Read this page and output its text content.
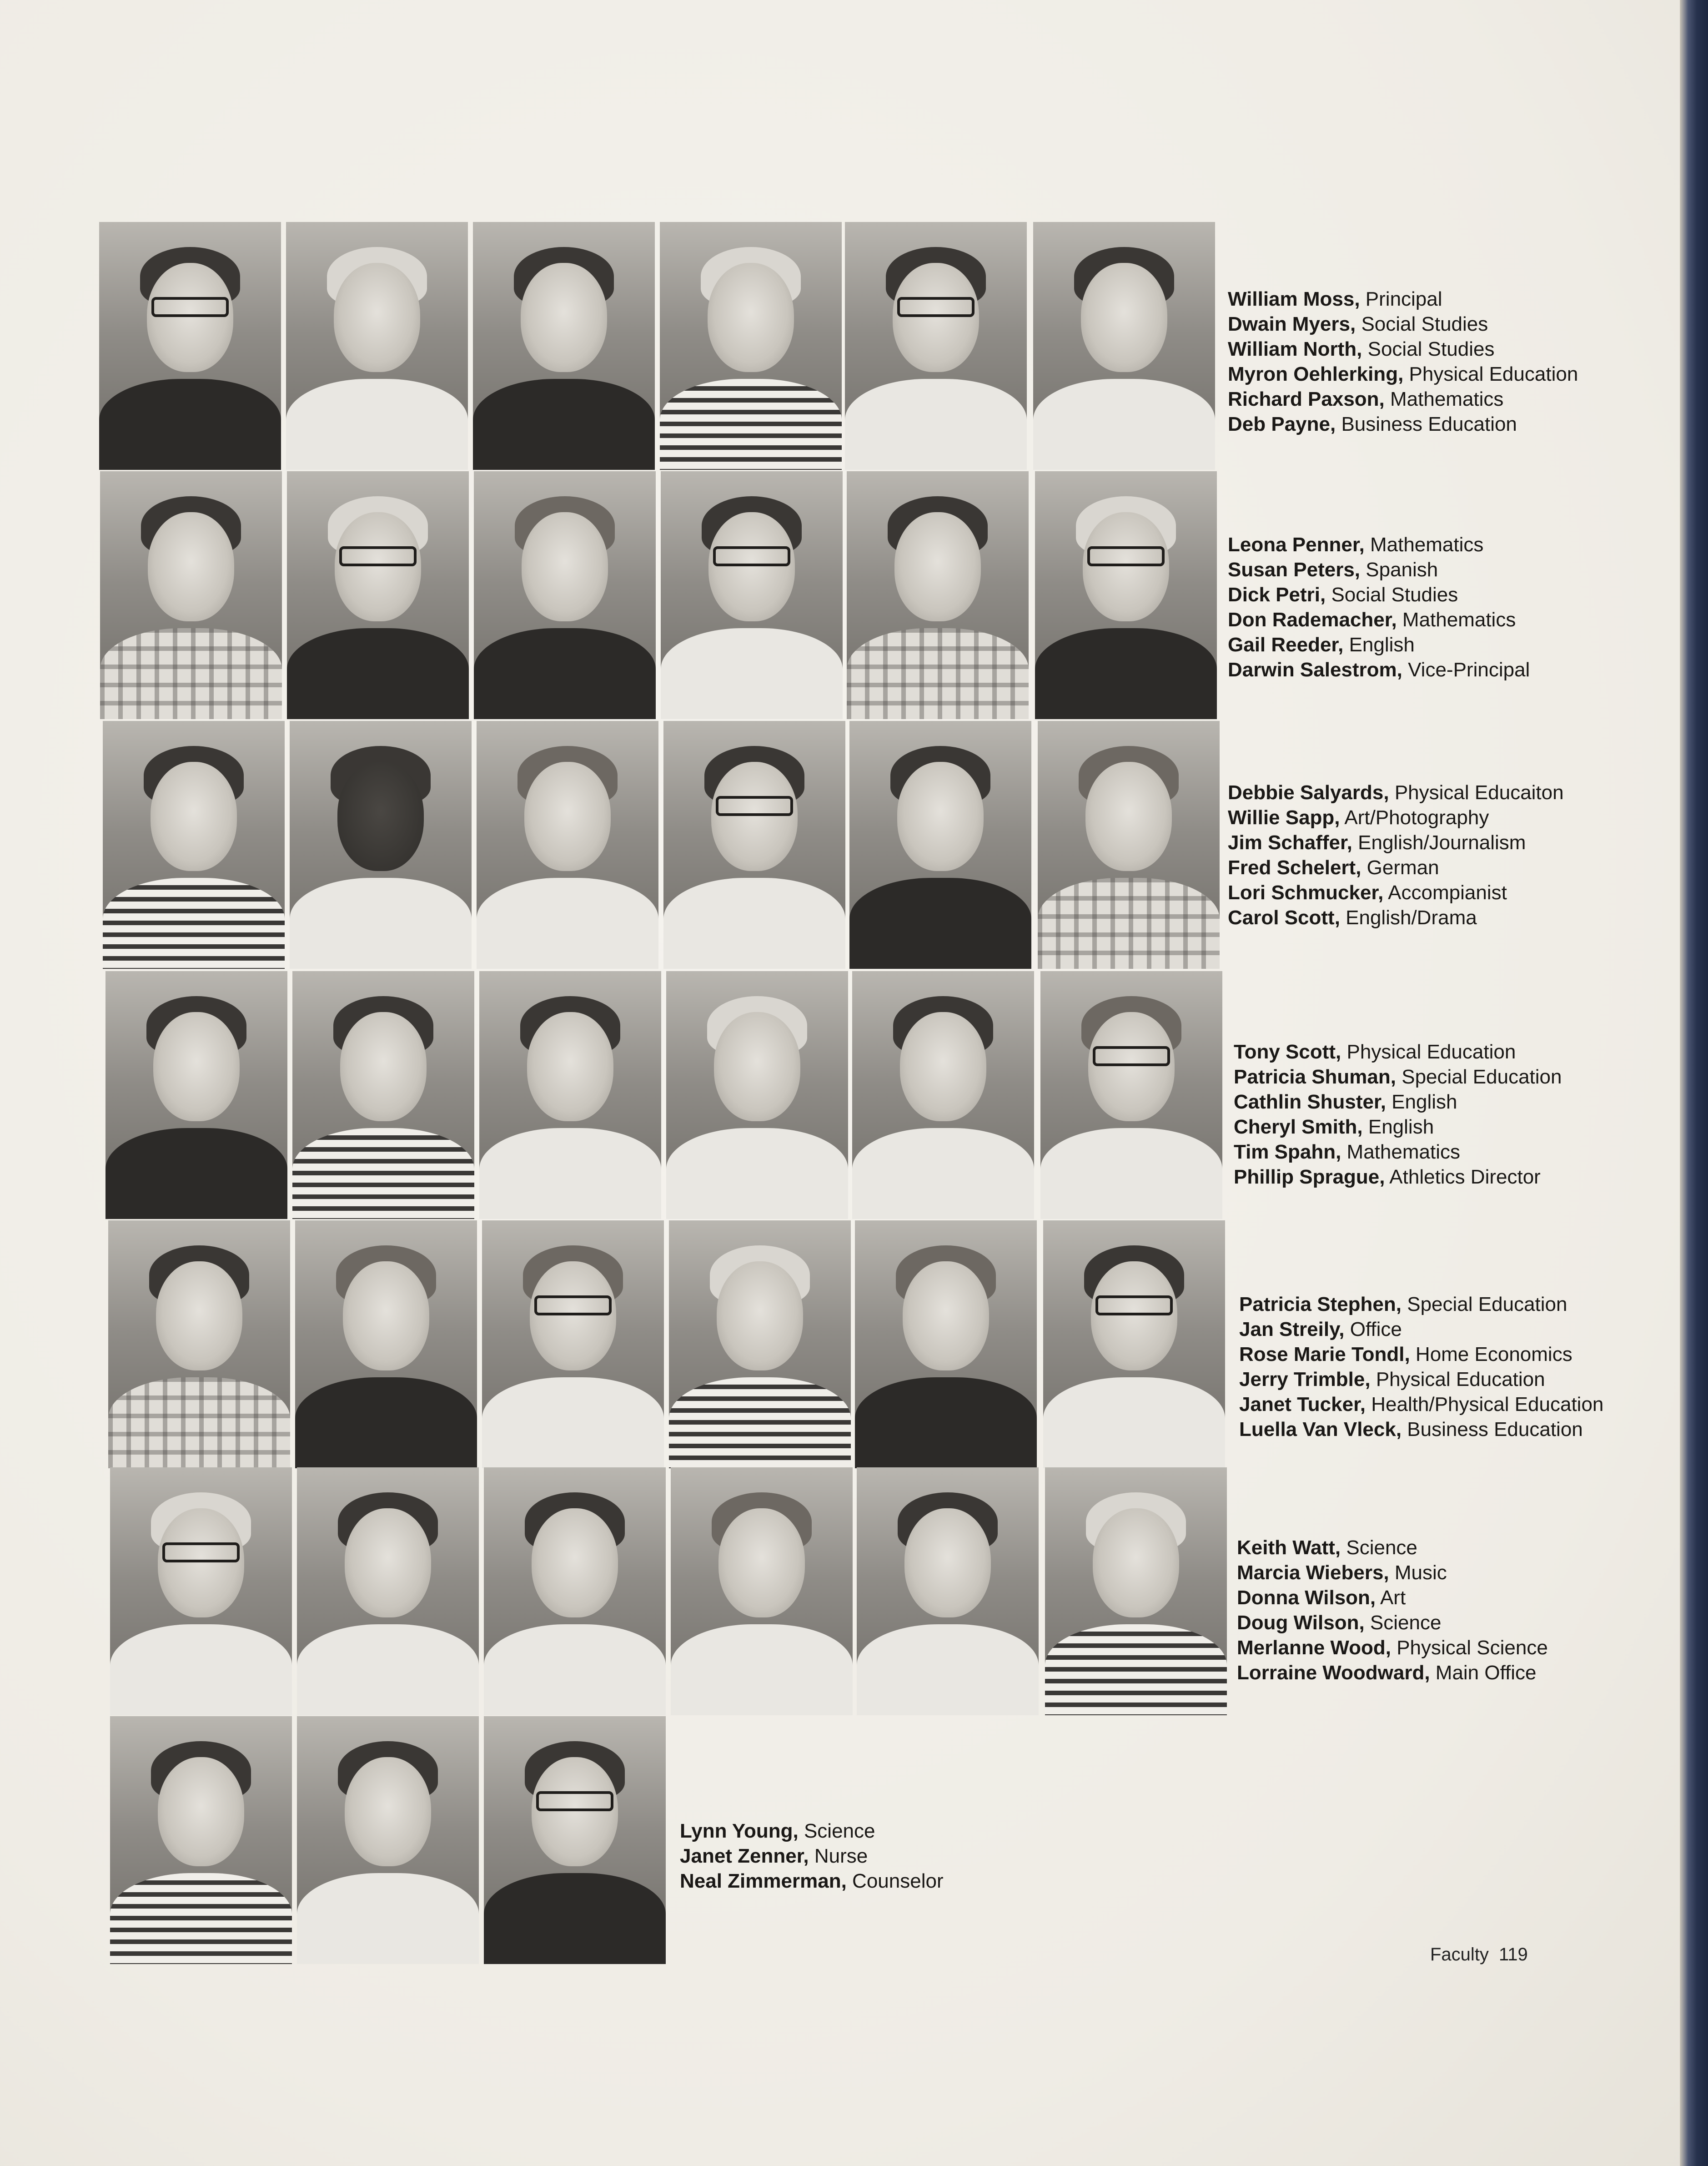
William Moss, Principal
Dwain Myers, Social Studies
William North, Social Studies
Myron Oehlerking, Physical Education
Richard Paxson, Mathematics
Deb Payne, Business Education
Leona Penner, Mathematics
Susan Peters, Spanish
Dick Petri, Social Studies
Don Rademacher, Mathematics
Gail Reeder, English
Darwin Salestrom, Vice-Principal
Debbie Salyards, Physical Educaiton
Willie Sapp, Art/Photography
Jim Schaffer, English/Journalism
Fred Schelert, German
Lori Schmucker, Accompianist
Carol Scott, English/Drama
Tony Scott, Physical Education
Patricia Shuman, Special Education
Cathlin Shuster, English
Cheryl Smith, English
Tim Spahn, Mathematics
Phillip Sprague, Athletics Director
Patricia Stephen, Special Education
Jan Streily, Office
Rose Marie Tondl, Home Economics
Jerry Trimble, Physical Education
Janet Tucker, Health/Physical Education
Luella Van Vleck, Business Education
Keith Watt, Science
Marcia Wiebers, Music
Donna Wilson, Art
Doug Wilson, Science
Merlanne Wood, Physical Science
Lorraine Woodward, Main Office
Lynn Young, Science
Janet Zenner, Nurse
Neal Zimmerman, Counselor
Faculty 119
